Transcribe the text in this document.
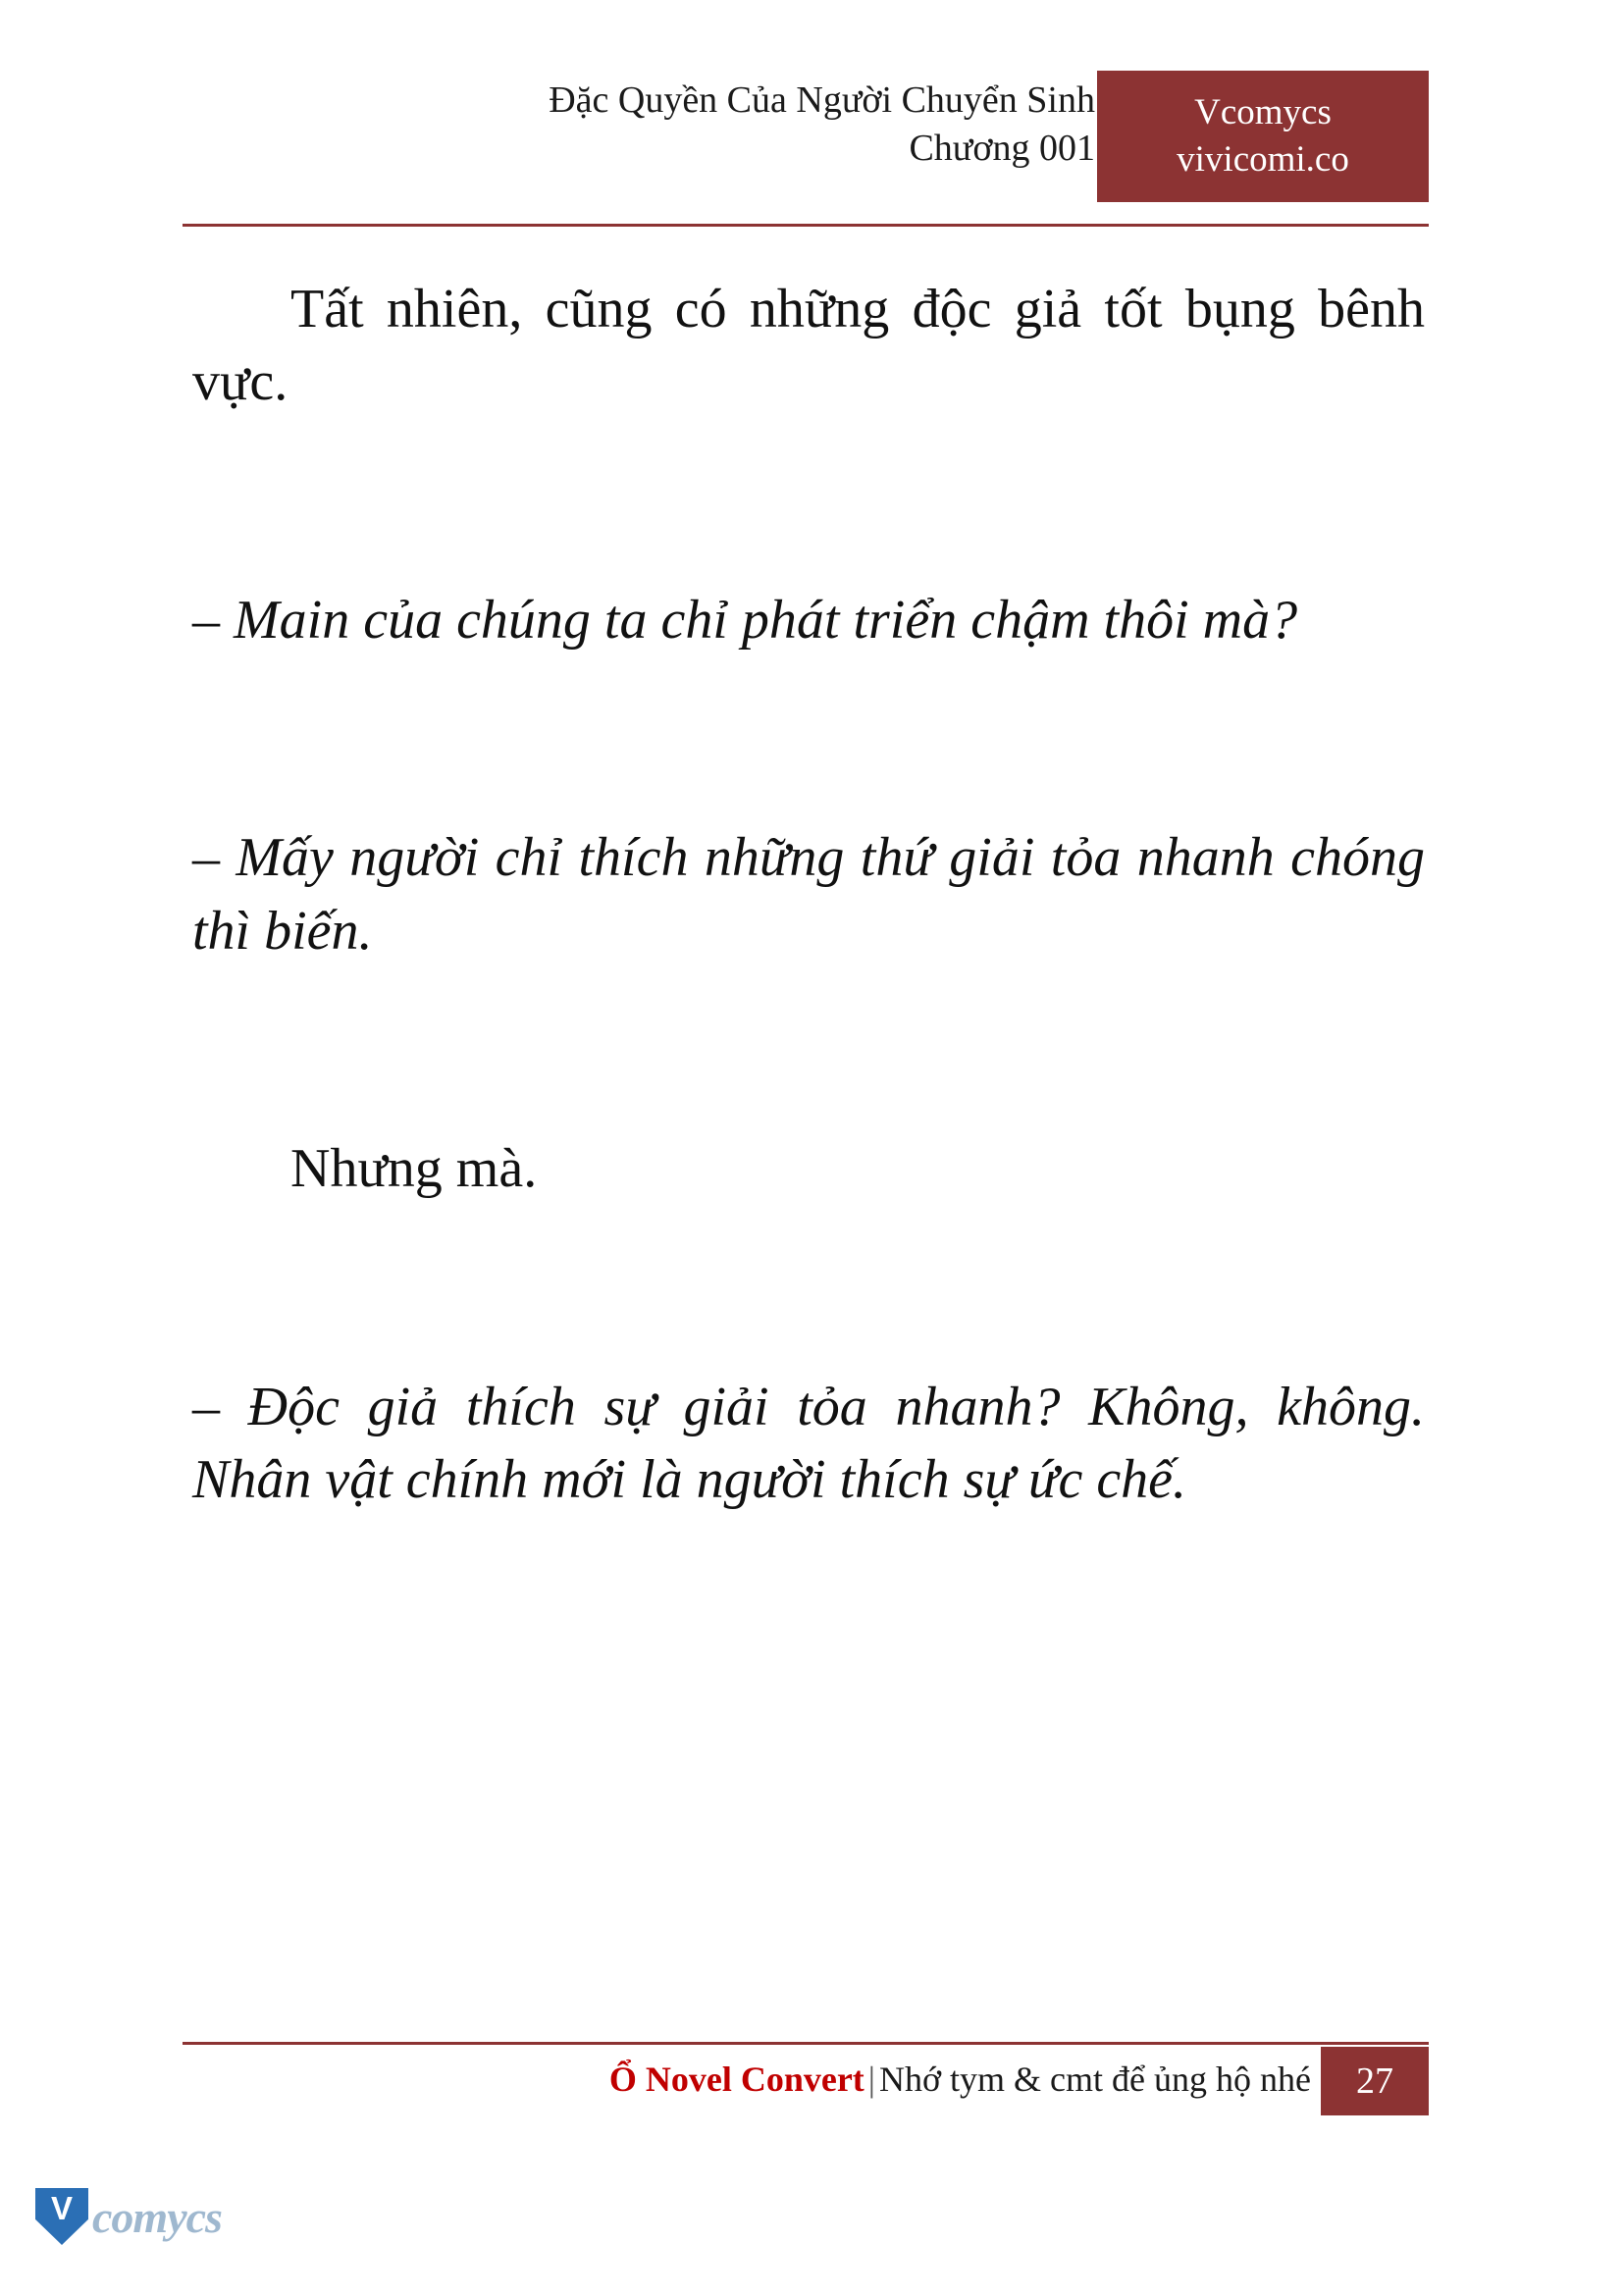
Đặc Quyền Của Người Chuyển Sinh
Chương 001
Vcomycs
vivicomi.co

Tất nhiên, cũng có những độc giả tốt bụng bênh vực.

– Main của chúng ta chỉ phát triển chậm thôi mà?

– Mấy người chỉ thích những thứ giải tỏa nhanh chóng thì biến.

Nhưng mà.

– Độc giả thích sự giải tỏa nhanh? Không, không. Nhân vật chính mới là người thích sự ức chế.

Ổ Novel Convert | Nhớ tym & cmt để ủng hộ nhé	27
V comycs
